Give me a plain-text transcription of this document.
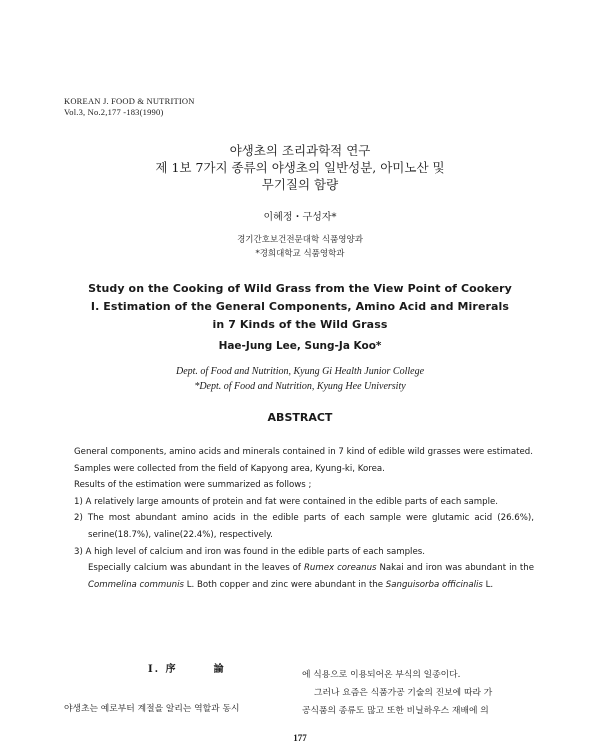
KOREAN J. FOOD & NUTRITION
Vol.3, No.2,177 -183(1990)
야생초의 조리과학적 연구
제 1보 7가지 종류의 야생초의 일반성분, 아미노산 및
무기질의 함량
이혜정・구성자*
경기간호보건전문대학 식품영양과
*경희대학교 식품영학과
Study on the Cooking of Wild Grass from the View Point of Cookery
I. Estimation of the General Components, Amino Acid and Mirerals
in 7 Kinds of the Wild Grass
Hae-Jung Lee, Sung-Ja Koo*
Dept. of Food and Nutrition, Kyung Gi Health Junior College
*Dept. of Food and Nutrition, Kyung Hee University
ABSTRACT

General components, amino acids and minerals contained in 7 kind of edible wild grasses were estimated.

Samples were collected from the field of Kapyong area, Kyung-ki, Korea.

Results of the estimation were summarized as follows ;

1) A relatively large amounts of protein and fat were contained in the edible parts of each sample.

2) The most abundant amino acids in the edible parts of each sample were glutamic acid (26.6%), serine(18.7%), valine(22.4%), respectively.

3) A high level of calcium and iron was found in the edible parts of each samples.

Especially calcium was abundant in the leaves of Rumex coreanus Nakai and iron was abundant in the Commelina communis L. Both copper and zinc were abundant in the Sanguisorba officinalis L.

I. 序	論
야생초는 예로부터 계절을 알리는 역할과 동시

에 식용으로 이용되어온 부식의 일종이다.

그러나 요즘은 식품가공 기술의 진보에 따라 가

공식품의 종류도 많고 또한 비닐하우스 재배에 의

177
